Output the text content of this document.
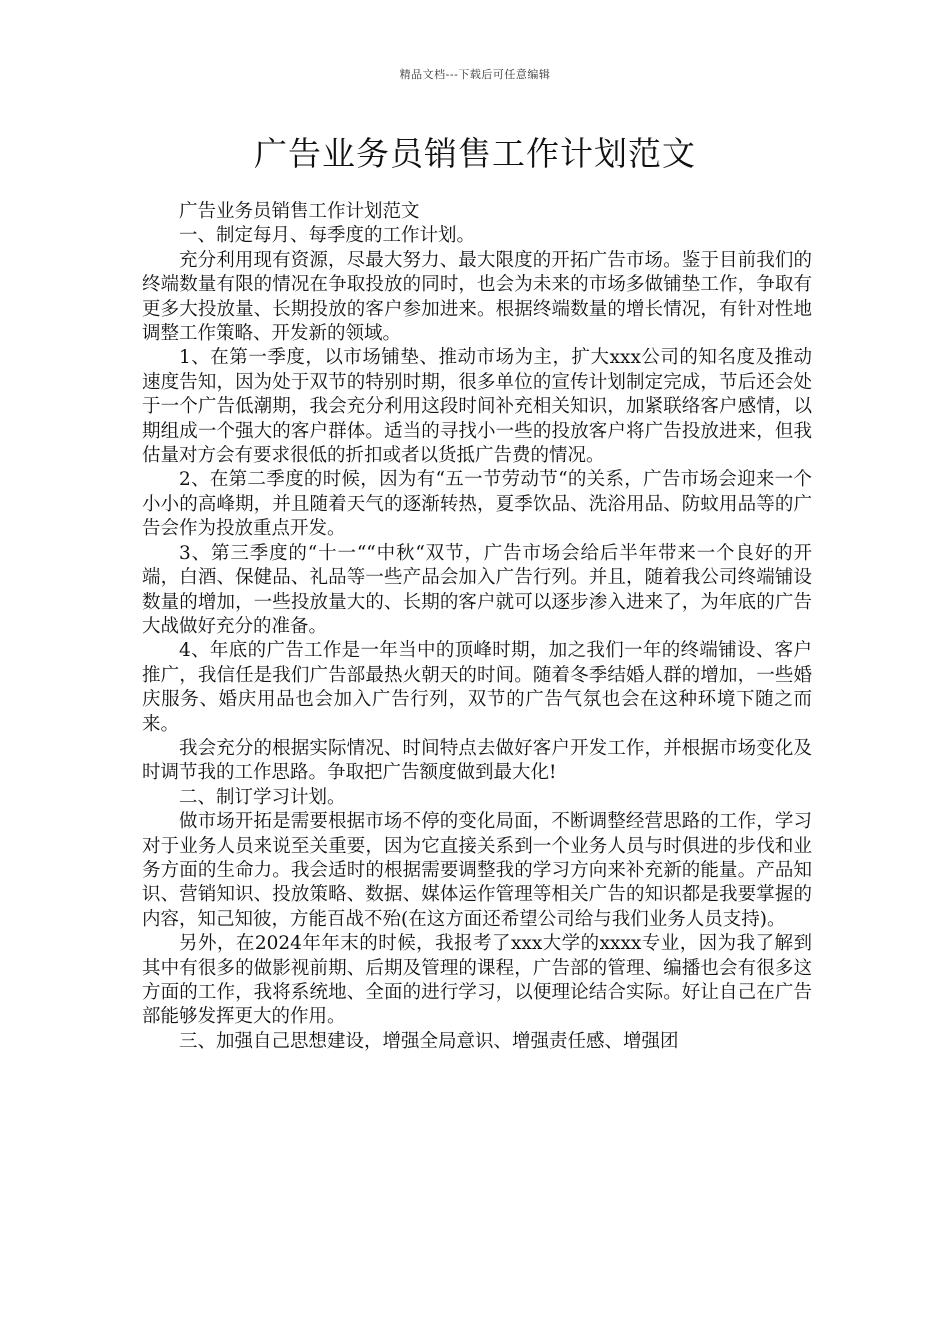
精品文档---下载后可任意编辑
广告业务员销售工作计划范文

广告业务员销售工作计划范文

一、制定每月、每季度的工作计划。

充分利用现有资源，尽最大努力、最大限度的开拓广告市场。鉴于目前我们的终端数量有限的情况在争取投放的同时，也会为未来的市场多做铺垫工作，争取有更多大投放量、长期投放的客户参加进来。根据终端数量的增长情况，有针对性地调整工作策略、开发新的领域。

1、在第一季度，以市场铺垫、推动市场为主，扩大xxx公司的知名度及推动速度告知，因为处于双节的特别时期，很多单位的宣传计划制定完成，节后还会处于一个广告低潮期，我会充分利用这段时间补充相关知识，加紧联络客户感情，以期组成一个强大的客户群体。适当的寻找小一些的投放客户将广告投放进来，但我估量对方会有要求很低的折扣或者以货抵广告费的情况。

2、在第二季度的时候，因为有“五一节劳动节“的关系，广告市场会迎来一个小小的高峰期，并且随着天气的逐渐转热，夏季饮品、洗浴用品、防蚊用品等的广告会作为投放重点开发。

3、第三季度的“十一““中秋“双节，广告市场会给后半年带来一个良好的开端，白酒、保健品、礼品等一些产品会加入广告行列。并且，随着我公司终端铺设数量的增加，一些投放量大的、长期的客户就可以逐步渗入进来了，为年底的广告大战做好充分的准备。

4、年底的广告工作是一年当中的顶峰时期，加之我们一年的终端铺设、客户推广，我信任是我们广告部最热火朝天的时间。随着冬季结婚人群的增加，一些婚庆服务、婚庆用品也会加入广告行列，双节的广告气氛也会在这种环境下随之而来。

我会充分的根据实际情况、时间特点去做好客户开发工作，并根据市场变化及时调节我的工作思路。争取把广告额度做到最大化!

二、制订学习计划。

做市场开拓是需要根据市场不停的变化局面，不断调整经营思路的工作，学习对于业务人员来说至关重要，因为它直接关系到一个业务人员与时俱进的步伐和业务方面的生命力。我会适时的根据需要调整我的学习方向来补充新的能量。产品知识、营销知识、投放策略、数据、媒体运作管理等相关广告的知识都是我要掌握的内容，知己知彼，方能百战不殆(在这方面还希望公司给与我们业务人员支持)。

另外，在2024年年末的时候，我报考了xxx大学的xxxx专业，因为我了解到其中有很多的做影视前期、后期及管理的课程，广告部的管理、编播也会有很多这方面的工作，我将系统地、全面的进行学习，以便理论结合实际。好让自己在广告部能够发挥更大的作用。

三、加强自己思想建设，增强全局意识、增强责任感、增强团
